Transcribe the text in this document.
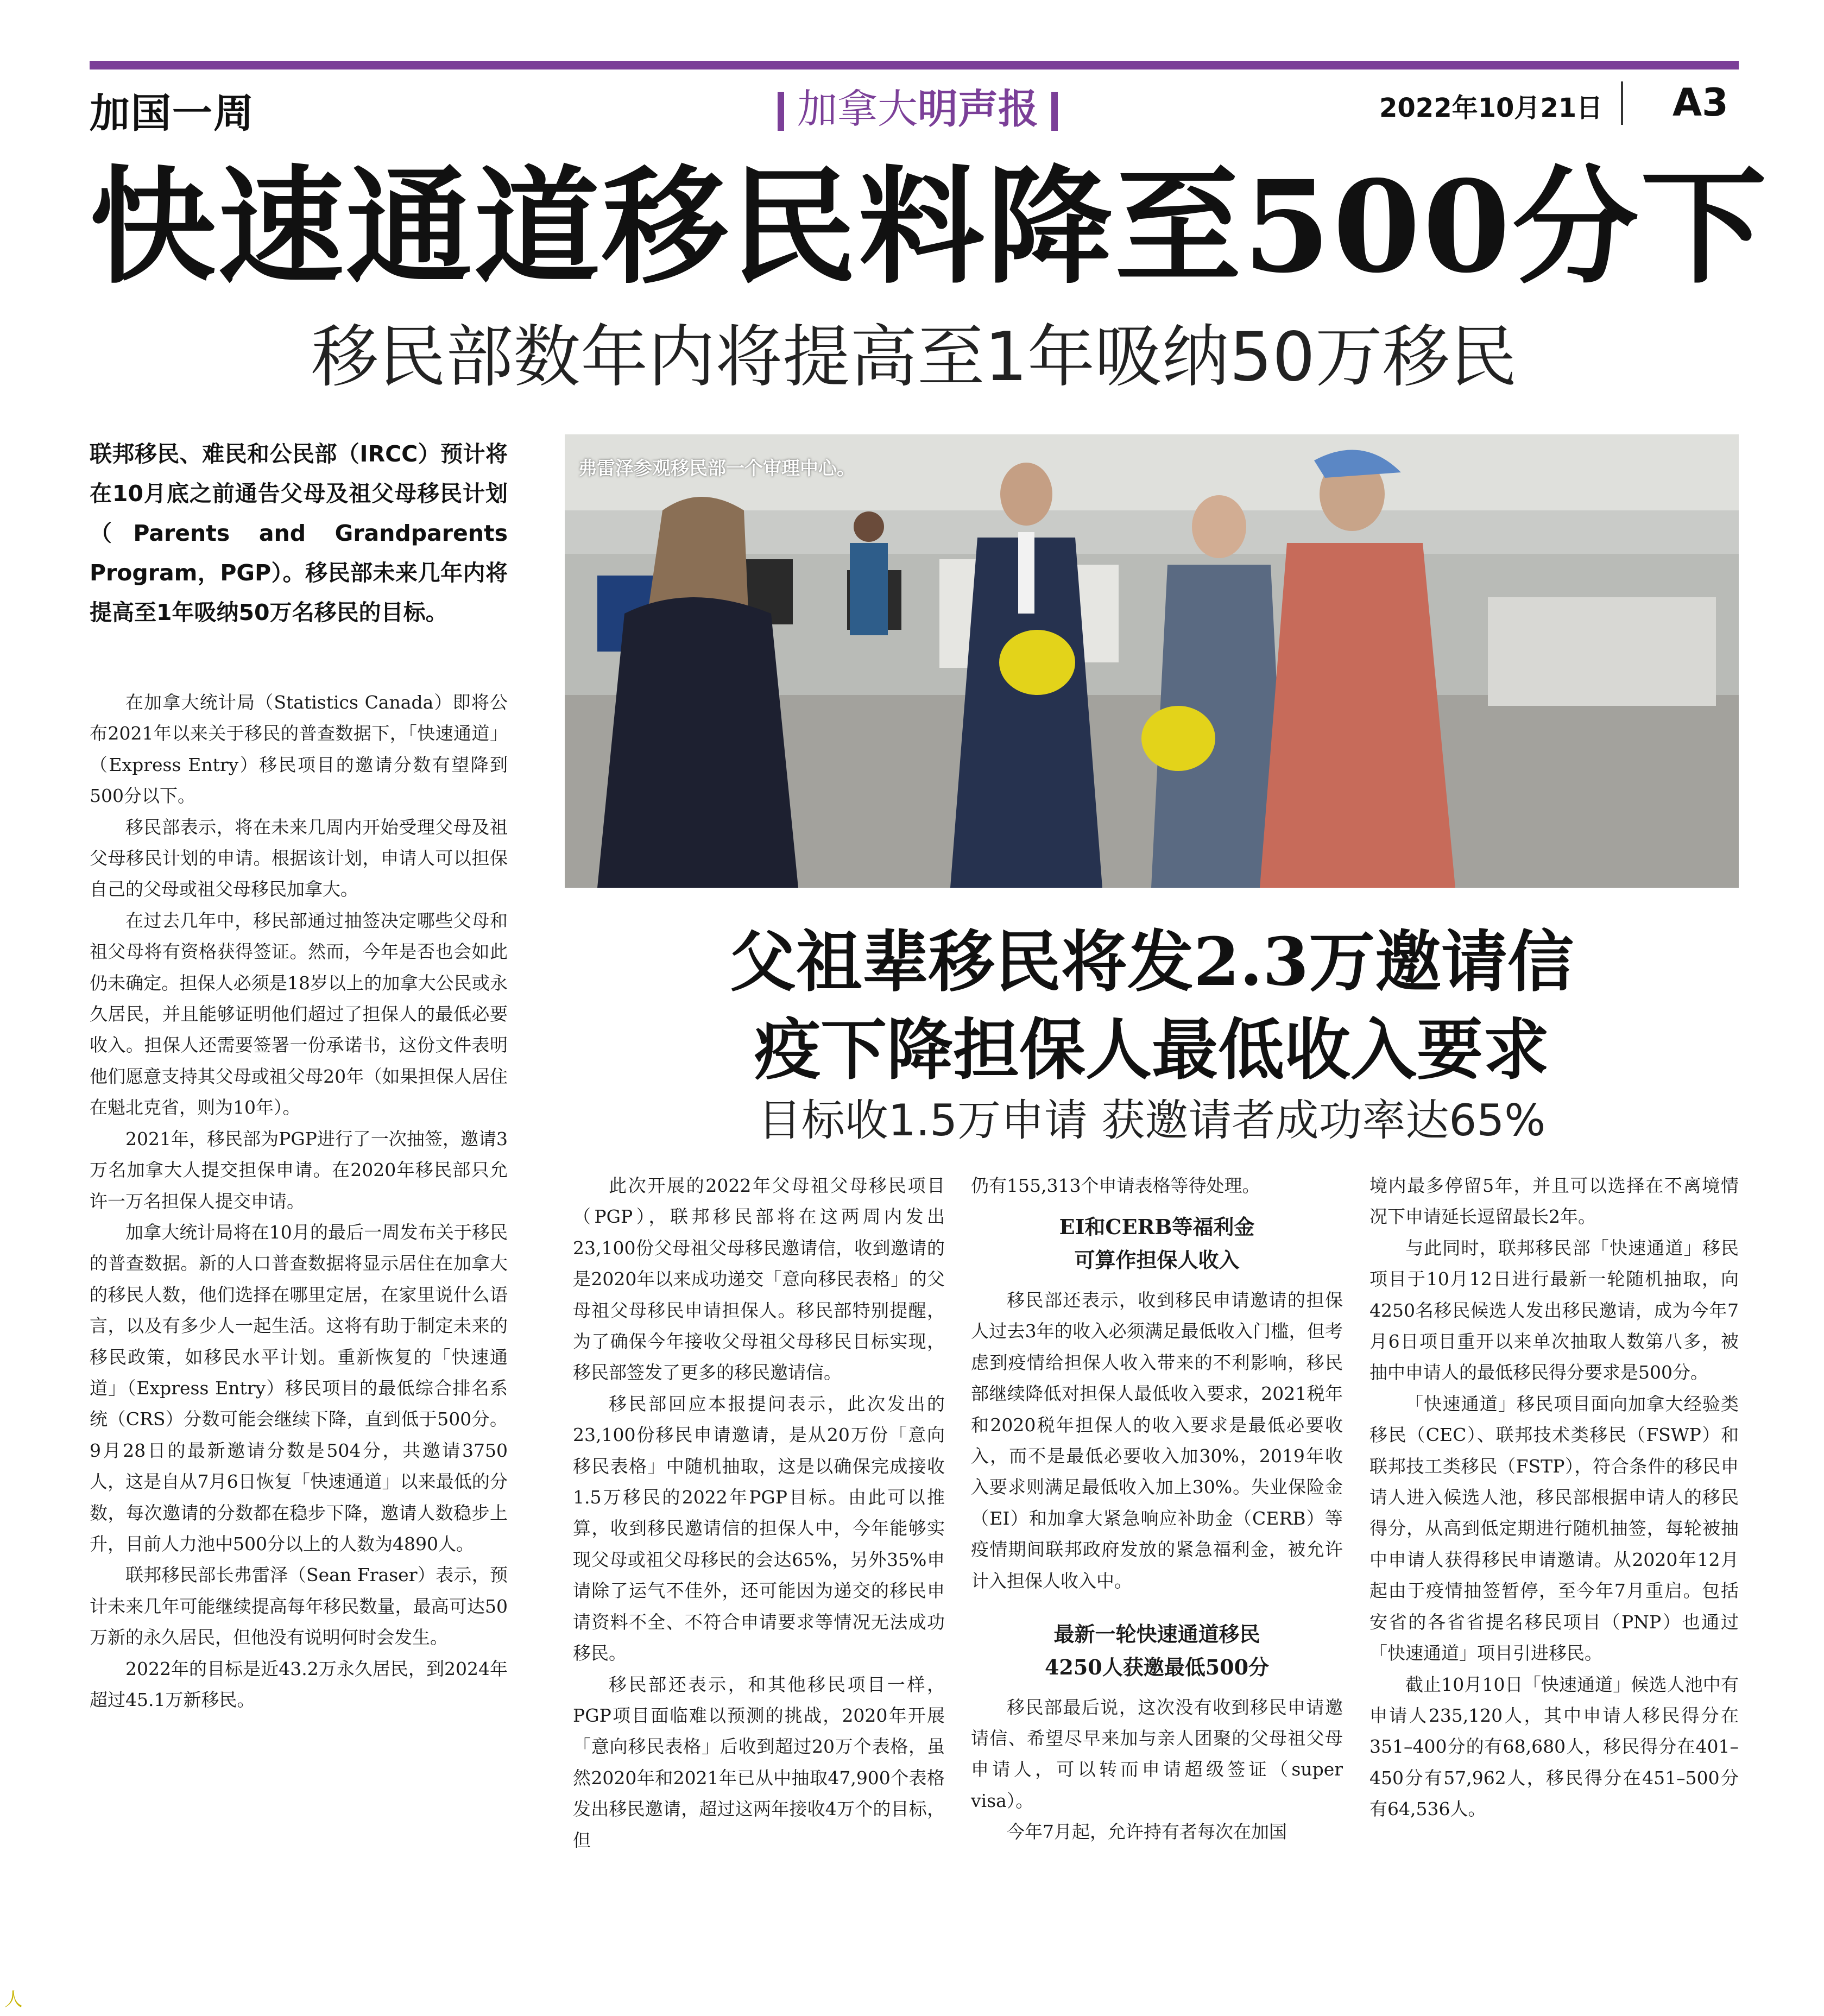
加国一周	加拿大明声报	2022年10月21日 A3
快速通道移民料降至500分下
移民部数年内将提高至1年吸纳50万移民

联邦移民、难民和公民部（IRCC）预计将在10月底之前通告父母及祖父母移民计划（Parents and Grandparents Program，PGP）。移民部未来几年内将提高至1年吸纳50万名移民的目标。

在加拿大统计局（Statistics Canada）即将公布2021年以来关于移民的普查数据下，「快速通道」（Express Entry）移民项目的邀请分数有望降到500分以下。

移民部表示，将在未来几周内开始受理父母及祖父母移民计划的申请。根据该计划，申请人可以担保自己的父母或祖父母移民加拿大。

在过去几年中，移民部通过抽签决定哪些父母和祖父母将有资格获得签证。然而，今年是否也会如此仍未确定。担保人必须是18岁以上的加拿大公民或永久居民，并且能够证明他们超过了担保人的最低必要收入。担保人还需要签署一份承诺书，这份文件表明他们愿意支持其父母或祖父母20年（如果担保人居住在魁北克省，则为10年）。

2021年，移民部为PGP进行了一次抽签，邀请3万名加拿大人提交担保申请。在2020年移民部只允许一万名担保人提交申请。

加拿大统计局将在10月的最后一周发布关于移民的普查数据。新的人口普查数据将显示居住在加拿大的移民人数，他们选择在哪里定居，在家里说什么语言，以及有多少人一起生活。这将有助于制定未来的移民政策，如移民水平计划。重新恢复的「快速通道」（Express Entry）移民项目的最低综合排名系统（CRS）分数可能会继续下降，直到低于500分。9月28日的最新邀请分数是504分，共邀请3750人，这是自从7月6日恢复「快速通道」以来最低的分数，每次邀请的分数都在稳步下降，邀请人数稳步上升，目前人力池中500分以上的人数为4890人。

联邦移民部长弗雷泽（Sean Fraser）表示，预计未来几年可能继续提高每年移民数量，最高可达50万新的永久居民，但他没有说明何时会发生。

2022年的目标是近43.2万永久居民，到2024年超过45.1万新移民。

弗雷泽参观移民部一个审理中心。
父祖辈移民将发2.3万邀请信
疫下降担保人最低收入要求
目标收1.5万申请 获邀请者成功率达65%

此次开展的2022年父母祖父母移民项目（PGP），联邦移民部将在这两周内发出23,100份父母祖父母移民邀请信，收到邀请的是2020年以来成功递交「意向移民表格」的父母祖父母移民申请担保人。移民部特别提醒，为了确保今年接收父母祖父母移民目标实现，移民部签发了更多的移民邀请信。

移民部回应本报提问表示，此次发出的23,100份移民申请邀请，是从20万份「意向移民表格」中随机抽取，这是以确保完成接收1.5万移民的2022年PGP目标。由此可以推算，收到移民邀请信的担保人中，今年能够实现父母或祖父母移民的会达65%，另外35%申请除了运气不佳外，还可能因为递交的移民申请资料不全、不符合申请要求等情况无法成功移民。

移民部还表示，和其他移民项目一样，PGP项目面临难以预测的挑战，2020年开展「意向移民表格」后收到超过20万个表格，虽然2020年和2021年已从中抽取47,900个表格发出移民邀请，超过这两年接收4万个的目标，但

仍有155,313个申请表格等待处理。

EI和CERB等福利金
可算作担保人收入

移民部还表示，收到移民申请邀请的担保人过去3年的收入必须满足最低收入门槛，但考虑到疫情给担保人收入带来的不利影响，移民部继续降低对担保人最低收入要求，2021税年和2020税年担保人的收入要求是最低必要收入，而不是最低必要收入加30%，2019年收入要求则满足最低收入加上30%。失业保险金（EI）和加拿大紧急响应补助金（CERB）等疫情期间联邦政府发放的紧急福利金，被允许计入担保人收入中。

最新一轮快速通道移民
4250人获邀最低500分

移民部最后说，这次没有收到移民申请邀请信、希望尽早来加与亲人团聚的父母祖父母申请人，可以转而申请超级签证（super visa）。

今年7月起，允许持有者每次在加国

境内最多停留5年，并且可以选择在不离境情况下申请延长逗留最长2年。

与此同时，联邦移民部「快速通道」移民项目于10月12日进行最新一轮随机抽取，向4250名移民候选人发出移民邀请，成为今年7月6日项目重开以来单次抽取人数第八多，被抽中申请人的最低移民得分要求是500分。

「快速通道」移民项目面向加拿大经验类移民（CEC）、联邦技术类移民（FSWP）和联邦技工类移民（FSTP），符合条件的移民申请人进入候选人池，移民部根据申请人的移民得分，从高到低定期进行随机抽签，每轮被抽中申请人获得移民申请邀请。从2020年12月起由于疫情抽签暂停，至今年7月重启。包括安省的各省省提名移民项目（PNP）也通过「快速通道」项目引进移民。

截止10月10日「快速通道」候选人池中有申请人235,120人，其中申请人移民得分在351–400分的有68,680人，移民得分在401–450分有57,962人，移民得分在451–500分有64,536人。

人
